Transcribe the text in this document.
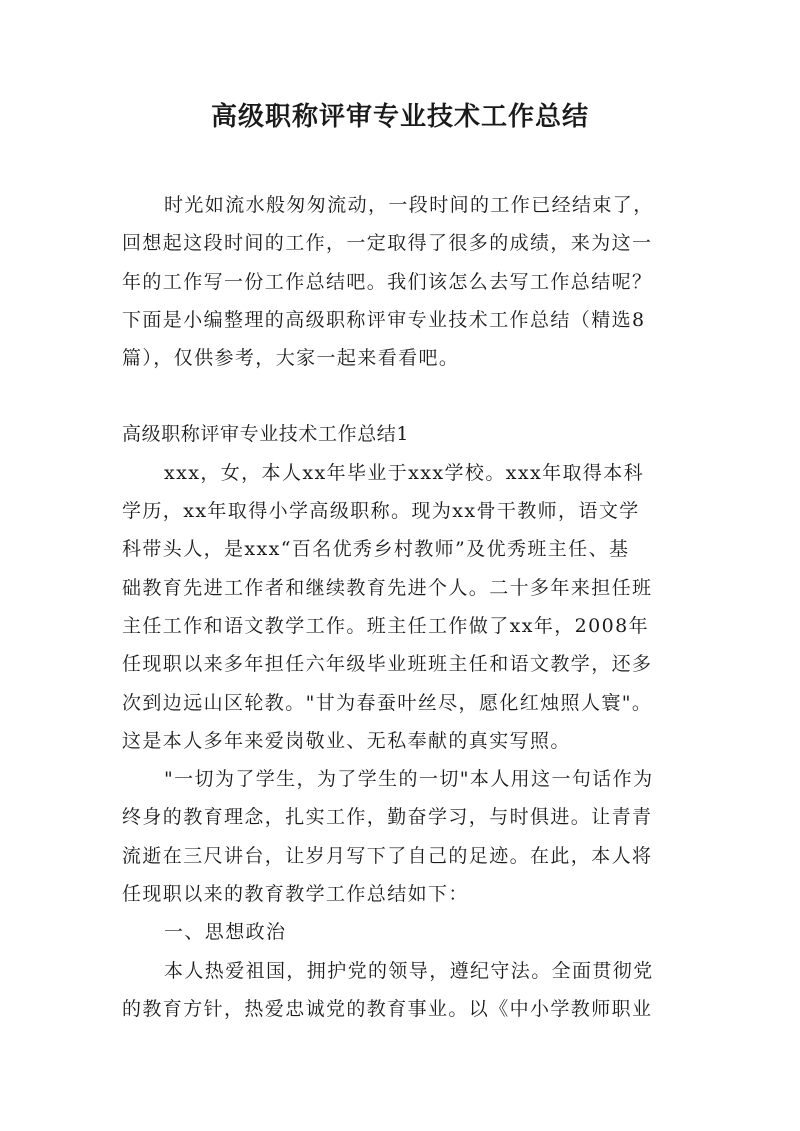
高级职称评审专业技术工作总结
时光如流水般匆匆流动，一段时间的工作已经结束了，
回想起这段时间的工作，一定取得了很多的成绩，来为这一
年的工作写一份工作总结吧。我们该怎么去写工作总结呢？
下面是小编整理的高级职称评审专业技术工作总结（精选8
篇），仅供参考，大家一起来看看吧。
高级职称评审专业技术工作总结1
xxx，女，本人xx年毕业于xxx学校。xxx年取得本科
学历，xx年取得小学高级职称。现为xx骨干教师，语文学
科带头人，是xxx“百名优秀乡村教师”及优秀班主任、基
础教育先进工作者和继续教育先进个人。二十多年来担任班
主任工作和语文教学工作。班主任工作做了xx年，2008年
任现职以来多年担任六年级毕业班班主任和语文教学，还多
次到边远山区轮教。"甘为春蚕叶丝尽，愿化红烛照人寰"。
这是本人多年来爱岗敬业、无私奉献的真实写照。
"一切为了学生，为了学生的一切"本人用这一句话作为
终身的教育理念，扎实工作，勤奋学习，与时俱进。让青青
流逝在三尺讲台，让岁月写下了自己的足迹。在此，本人将
任现职以来的教育教学工作总结如下：
一、思想政治
本人热爱祖国，拥护党的领导，遵纪守法。全面贯彻党
的教育方针，热爱忠诚党的教育事业。以《中小学教师职业
